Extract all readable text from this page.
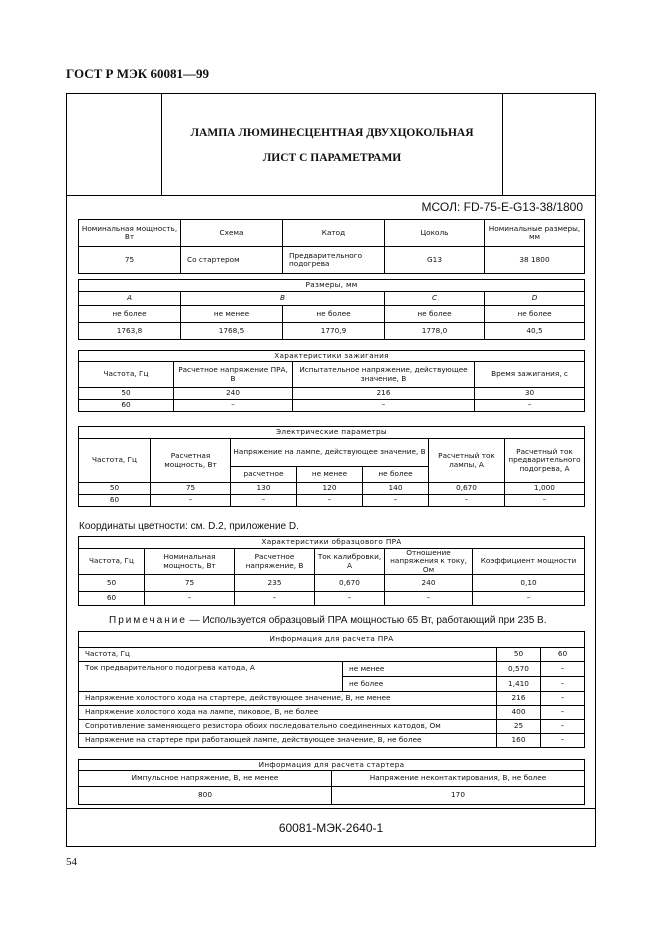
ГОСТ Р МЭК 60081—99
ЛАМПА ЛЮМИНЕСЦЕНТНАЯ ДВУХЦОКОЛЬНАЯ
ЛИСТ С ПАРАМЕТРАМИ
МСОЛ: FD-75-E-G13-38/1800
Номинальная мощность, Вт	Схема	Катод	Цоколь	Номинальные размеры, мм
75	Со стартером	Предварительного подогрева	G13	38 1800
Размеры, мм				
A	B		C	D
не более	не менее	не более	не более	не более
1763,8	1768,5	1770,9	1778,0	40,5
Характеристики зажигания			
Частота, Гц	Расчетное напряжение ПРА, В	Испытательное напряжение, действующее значение, В	Время зажигания, с
50	240	216	30
60	–	–	–
Электрические параметры						
Частота, Гц	Расчетная мощность, Вт	Напряжение на лампе, действующее значение, В			Расчетный ток лампы, А	Расчетный ток предварительного подогрева, А
		расчетное	не менее	не более		
50	75	130	120	140	0,670	1,000
60	–	–	–	–	–	–
Координаты цветности: см. D.2, приложение D.
Характеристики образцового ПРА					
Частота, Гц	Номинальная мощность, Вт	Расчетное напряжение, В	Ток калибровки, А	Отношение напряжения к току, Ом	Коэффициент мощности
50	75	235	0,670	240	0,10
60	–	–	–	–	–
Примечание — Используется образцовый ПРА мощностью 65 Вт, работающий при 235 В.
Информация для расчета ПРА			
Частота, Гц		50	60
Ток предварительного подогрева катода, А	не менее	0,570	–
	не более	1,410	–
Напряжение холостого хода на стартере, действующее значение, В, не менее		216	–
Напряжение холостого хода на лампе, пиковое, В, не более		400	–
Сопротивление заменяющего резистора обоих последовательно соединенных катодов, Ом		25	–
Напряжение на стартере при работающей лампе, действующее значение, В, не более		160	–
Информация для расчета стартера	
Импульсное напряжение, В, не менее	Напряжение неконтактирования, В, не более
800	170
60081-МЭК-2640-1
54
